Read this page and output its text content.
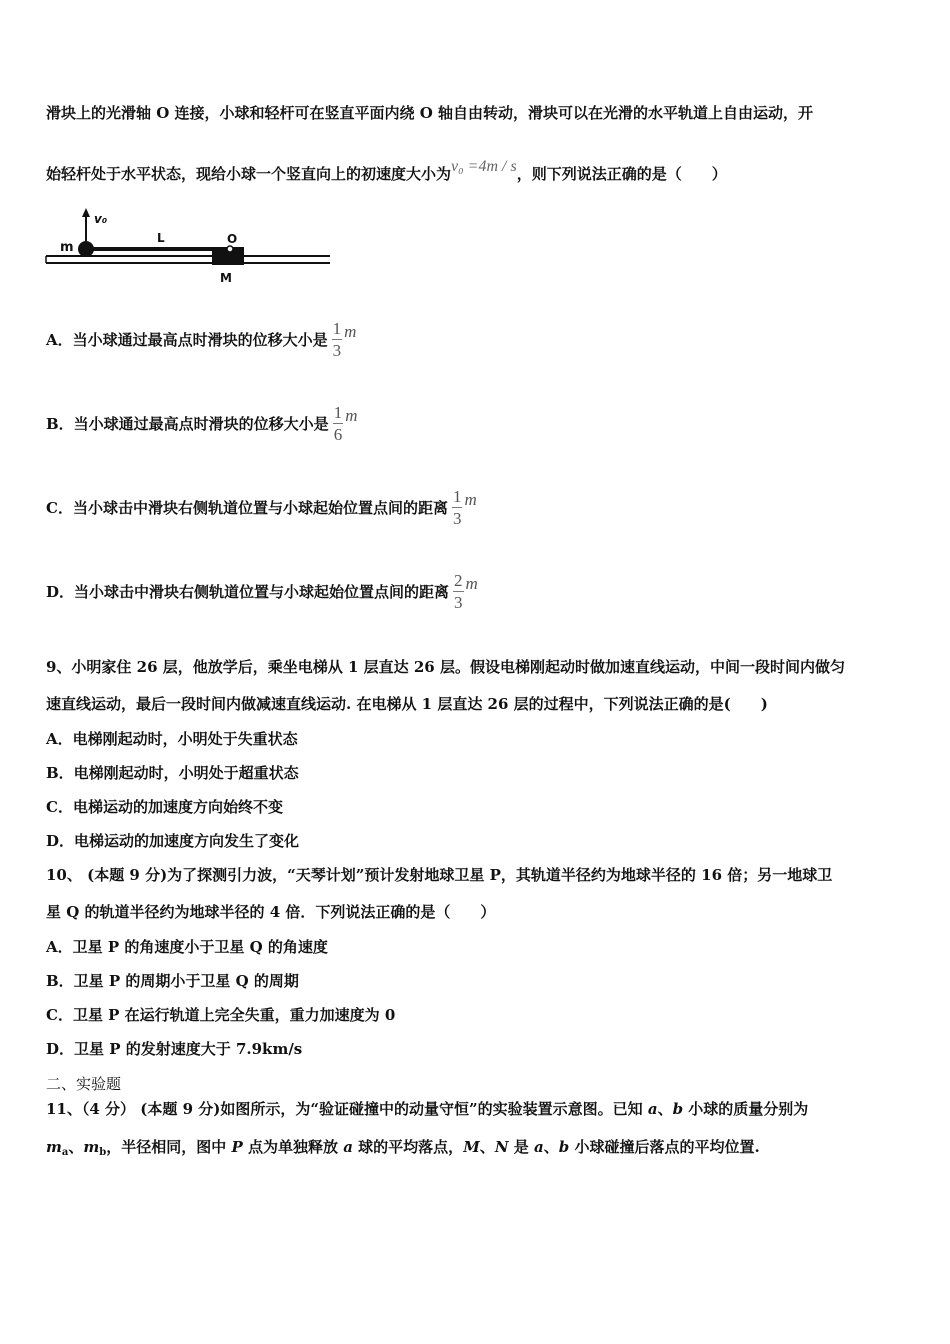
滑块上的光滑轴 O 连接，小球和轻杆可在竖直平面内绕 O 轴自由转动，滑块可以在光滑的水平轨道上自由运动，开
始轻杆处于水平状态，现给小球一个竖直向上的初速度大小为v₀ =4m / s，则下列说法正确的是（　　）
v₀
m
L	O
M
A．当小球通过最高点时滑块的位移大小是 $\frac{1}{3}$ m
B．当小球通过最高点时滑块的位移大小是 $\frac{1}{6}$ m
C．当小球击中滑块右侧轨道位置与小球起始位置点间的距离 $\frac{1}{3}$ m
D．当小球击中滑块右侧轨道位置与小球起始位置点间的距离 $\frac{2}{3}$ m
9、小明家住 26 层，他放学后，乘坐电梯从 1 层直达 26 层。假设电梯刚起动时做加速直线运动，中间一段时间内做匀
速直线运动，最后一段时间内做减速直线运动. 在电梯从 1 层直达 26 层的过程中，下列说法正确的是(　　)
A．电梯刚起动时，小明处于失重状态
B．电梯刚起动时，小明处于超重状态
C．电梯运动的加速度方向始终不变
D．电梯运动的加速度方向发生了变化
10、 (本题 9 分)为了探测引力波，“天琴计划”预计发射地球卫星 P，其轨道半径约为地球半径的 16 倍；另一地球卫
星 Q 的轨道半径约为地球半径的 4 倍．下列说法正确的是（　　）
A．卫星 P 的角速度小于卫星 Q 的角速度
B．卫星 P 的周期小于卫星 Q 的周期
C．卫星 P 在运行轨道上完全失重，重力加速度为 0
D．卫星 P 的发射速度大于 7.9km/s
二、实验题
11、（4 分） (本题 9 分)如图所示，为“验证碰撞中的动量守恒”的实验装置示意图。已知 a、b 小球的质量分别为
$m_a$、$m_b$，半径相同，图中 P 点为单独释放 a 球的平均落点，M、N 是 a、b 小球碰撞后落点的平均位置.
